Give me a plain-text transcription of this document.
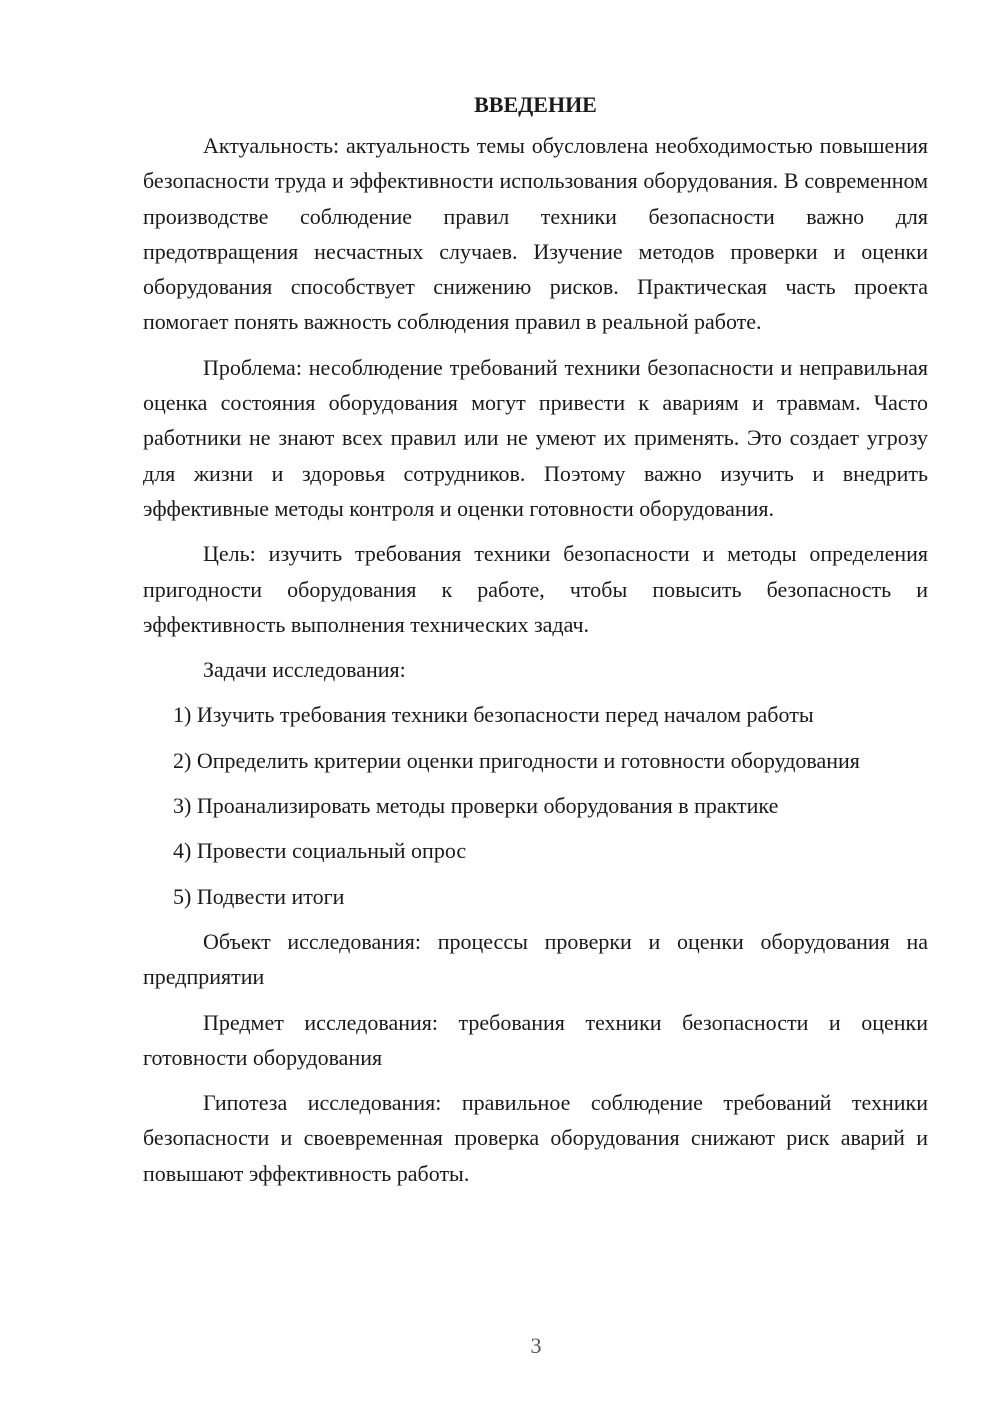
ВВЕДЕНИЕ

Актуальность: актуальность темы обусловлена необходимостью повышения безопасности труда и эффективности использования оборудования. В современном производстве соблюдение правил техники безопасности важно для предотвращения несчастных случаев. Изучение методов проверки и оценки оборудования способствует снижению рисков. Практическая часть проекта помогает понять важность соблюдения правил в реальной работе.

Проблема: несоблюдение требований техники безопасности и неправильная оценка состояния оборудования могут привести к авариям и травмам. Часто работники не знают всех правил или не умеют их применять. Это создает угрозу для жизни и здоровья сотрудников. Поэтому важно изучить и внедрить эффективные методы контроля и оценки готовности оборудования.

Цель: изучить требования техники безопасности и методы определения пригодности оборудования к работе, чтобы повысить безопасность и эффективность выполнения технических задач.

Задачи исследования:

1) Изучить требования техники безопасности перед началом работы

2) Определить критерии оценки пригодности и готовности оборудования

3) Проанализировать методы проверки оборудования в практике

4) Провести социальный опрос

5) Подвести итоги

Объект исследования: процессы проверки и оценки оборудования на предприятии

Предмет исследования: требования техники безопасности и оценки готовности оборудования

Гипотеза исследования: правильное соблюдение требований техники безопасности и своевременная проверка оборудования снижают риск аварий и повышают эффективность работы.

3
